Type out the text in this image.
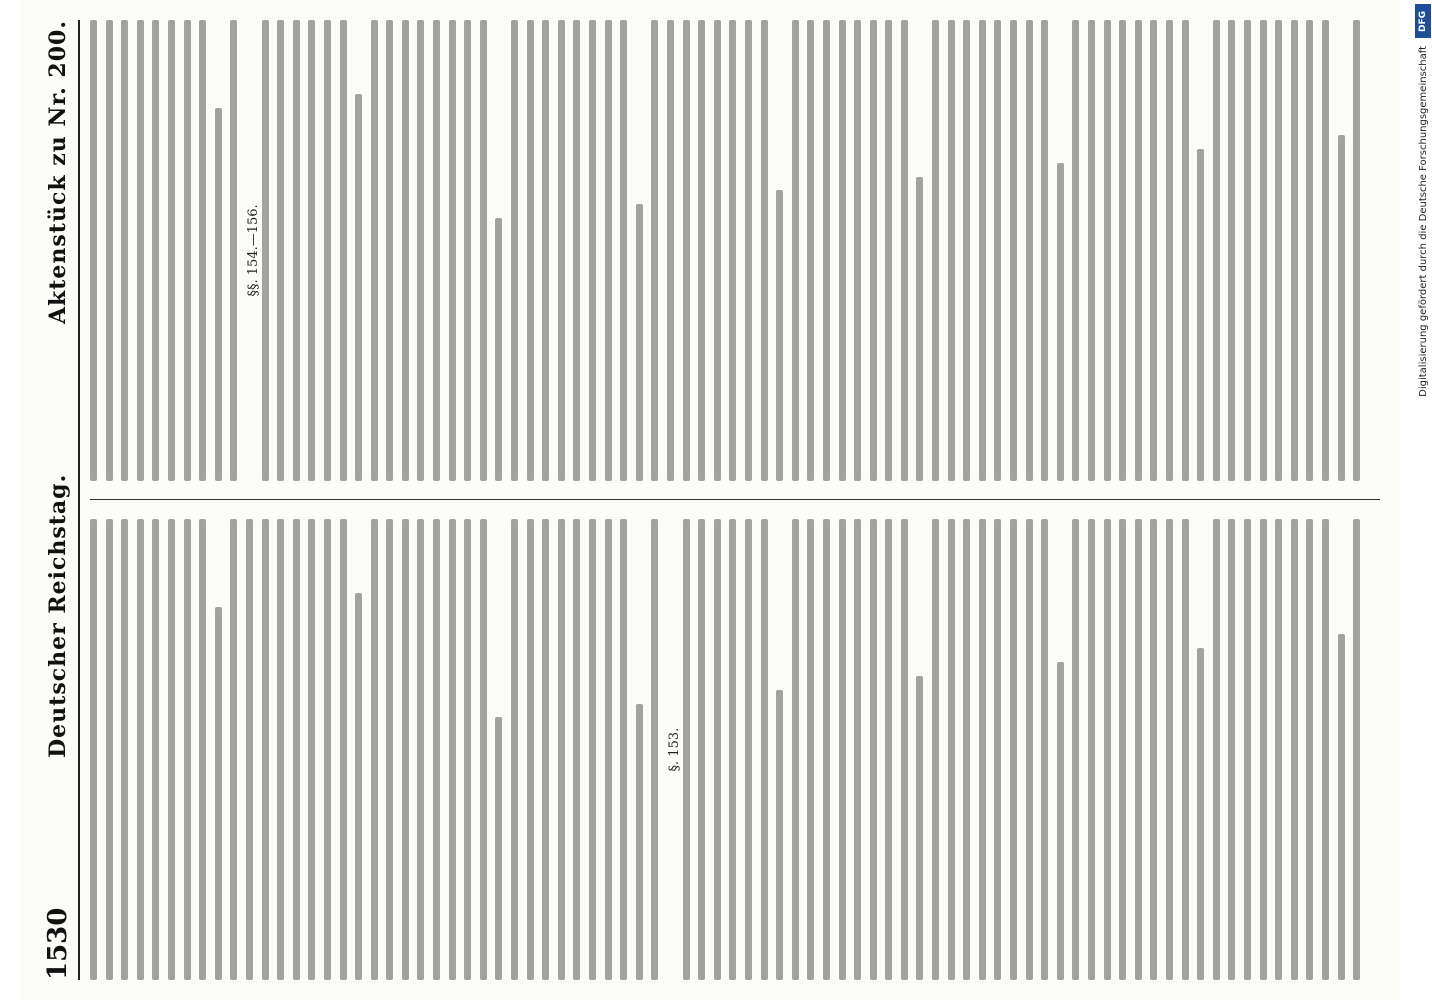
1530
Deutscher Reichstag.
Aktenstück zu Nr. 200.
§. 153.
§§. 154.—156.
DFG
Digitalisierung gefördert durch die Deutsche Forschungsgemeinschaft
